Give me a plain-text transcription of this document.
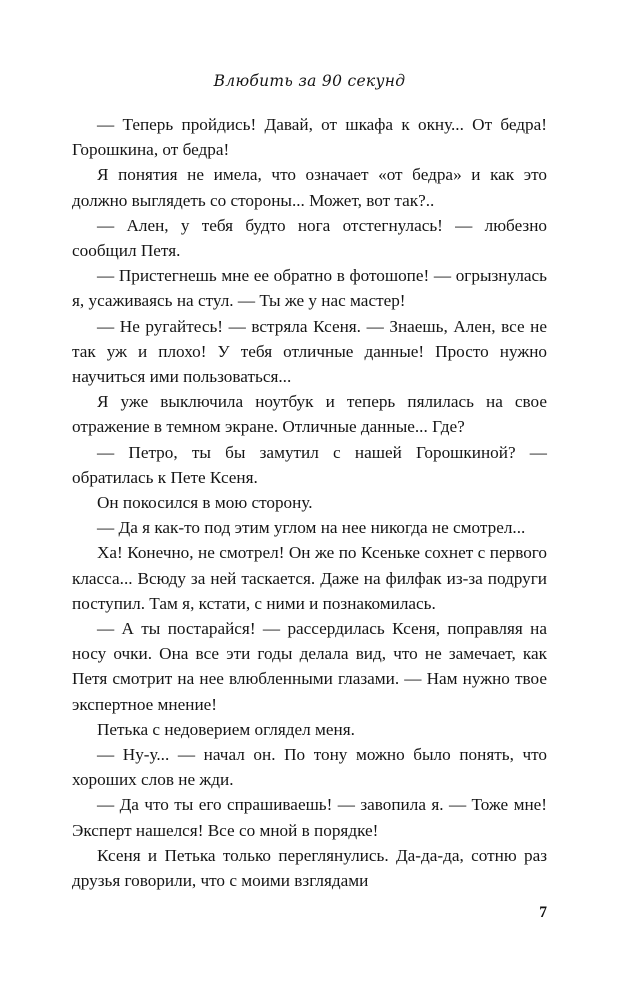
Влюбить за 90 секунд

— Теперь пройдись! Давай, от шкафа к окну... От бедра! Горошкина, от бедра!

Я понятия не имела, что означает «от бедра» и как это должно выглядеть со стороны... Может, вот так?..

— Ален, у тебя будто нога отстегнулась! — любезно сообщил Петя.

— Пристегнешь мне ее обратно в фотошопе! — огрызнулась я, усаживаясь на стул. — Ты же у нас мастер!

— Не ругайтесь! — встряла Ксеня. — Знаешь, Ален, все не так уж и плохо! У тебя отличные данные! Просто нужно научиться ими пользоваться...

Я уже выключила ноутбук и теперь пялилась на свое отражение в темном экране. Отличные данные... Где?

— Петро, ты бы замутил с нашей Горошкиной? — обратилась к Пете Ксеня.

Он покосился в мою сторону.

— Да я как-то под этим углом на нее никогда не смотрел...

Ха! Конечно, не смотрел! Он же по Ксеньке сохнет с первого класса... Всюду за ней таскается. Даже на филфак из-за подруги поступил. Там я, кстати, с ними и познакомилась.

— А ты постарайся! — рассердилась Ксеня, поправляя на носу очки. Она все эти годы делала вид, что не замечает, как Петя смотрит на нее влюбленными глазами. — Нам нужно твое экспертное мнение!

Петька с недоверием оглядел меня.

— Ну-у... — начал он. По тону можно было понять, что хороших слов не жди.

— Да что ты его спрашиваешь! — завопила я. — Тоже мне! Эксперт нашелся! Все со мной в порядке!

Ксеня и Петька только переглянулись. Да-да-да, сотню раз друзья говорили, что с моими взглядами

7
